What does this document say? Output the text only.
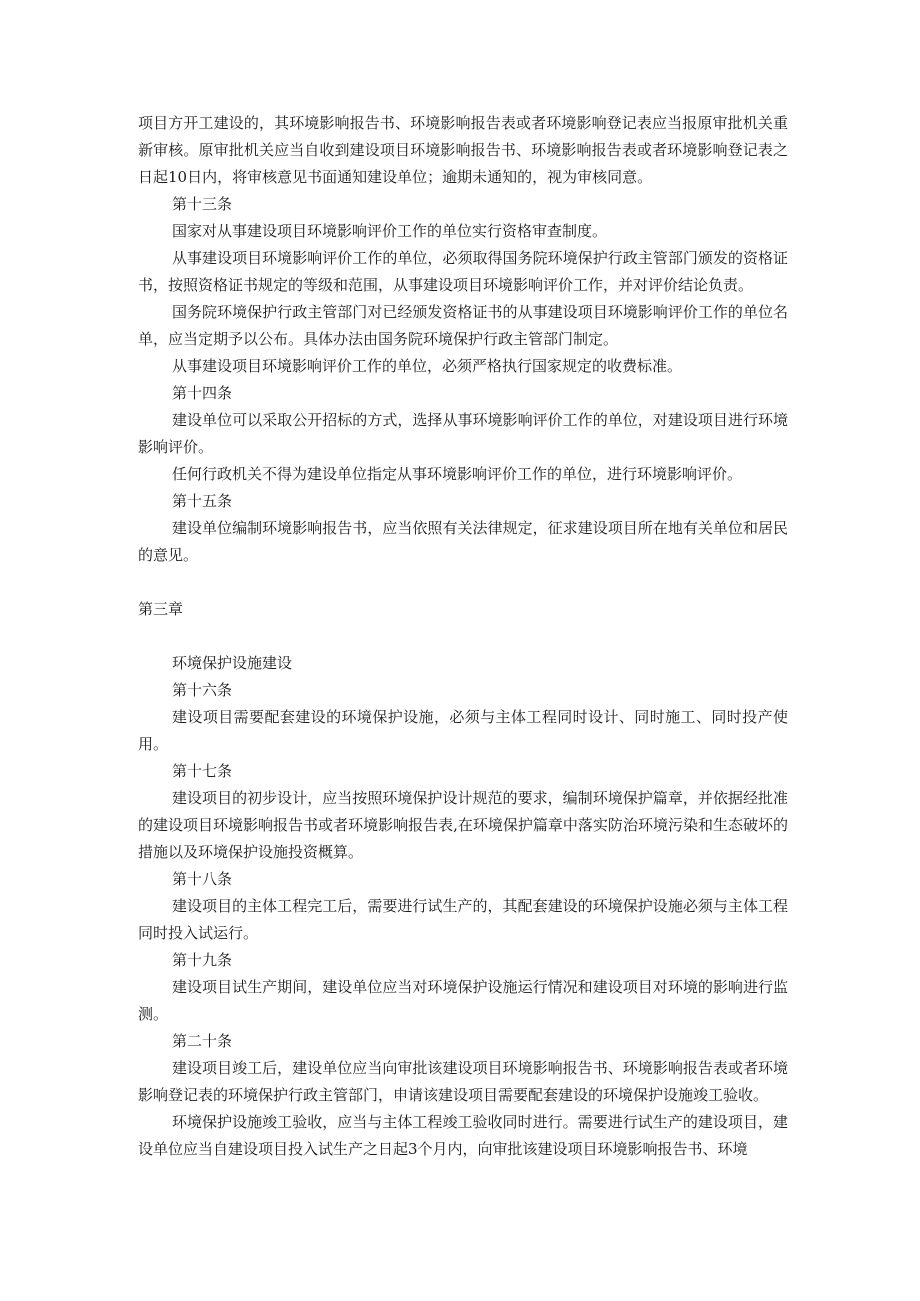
项目方开工建设的，其环境影响报告书、环境影响报告表或者环境影响登记表应当报原审批机关重新审核。原审批机关应当自收到建设项目环境影响报告书、环境影响报告表或者环境影响登记表之日起10日内，将审核意见书面通知建设单位；逾期未通知的，视为审核同意。

第十三条

国家对从事建设项目环境影响评价工作的单位实行资格审查制度。

从事建设项目环境影响评价工作的单位，必须取得国务院环境保护行政主管部门颁发的资格证书，按照资格证书规定的等级和范围，从事建设项目环境影响评价工作，并对评价结论负责。

国务院环境保护行政主管部门对已经颁发资格证书的从事建设项目环境影响评价工作的单位名单，应当定期予以公布。具体办法由国务院环境保护行政主管部门制定。

从事建设项目环境影响评价工作的单位，必须严格执行国家规定的收费标准。

第十四条

建设单位可以采取公开招标的方式，选择从事环境影响评价工作的单位，对建设项目进行环境影响评价。

任何行政机关不得为建设单位指定从事环境影响评价工作的单位，进行环境影响评价。

第十五条

建设单位编制环境影响报告书，应当依照有关法律规定，征求建设项目所在地有关单位和居民的意见。

第三章

环境保护设施建设

第十六条

建设项目需要配套建设的环境保护设施，必须与主体工程同时设计、同时施工、同时投产使用。

第十七条

建设项目的初步设计，应当按照环境保护设计规范的要求，编制环境保护篇章，并依据经批准的建设项目环境影响报告书或者环境影响报告表,在环境保护篇章中落实防治环境污染和生态破坏的措施以及环境保护设施投资概算。

第十八条

建设项目的主体工程完工后，需要进行试生产的，其配套建设的环境保护设施必须与主体工程同时投入试运行。

第十九条

建设项目试生产期间，建设单位应当对环境保护设施运行情况和建设项目对环境的影响进行监测。

第二十条

建设项目竣工后，建设单位应当向审批该建设项目环境影响报告书、环境影响报告表或者环境影响登记表的环境保护行政主管部门，申请该建设项目需要配套建设的环境保护设施竣工验收。

环境保护设施竣工验收，应当与主体工程竣工验收同时进行。需要进行试生产的建设项目，建设单位应当自建设项目投入试生产之日起3个月内，向审批该建设项目环境影响报告书、环境
